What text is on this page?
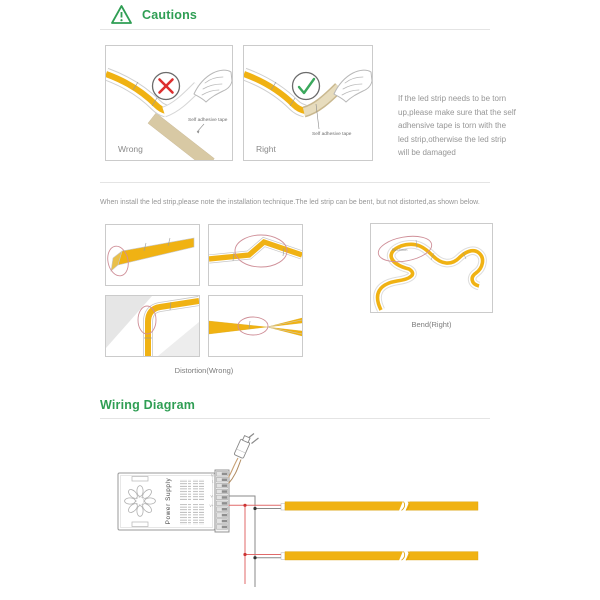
Cautions
Self adhesive tape
Wrong
Self adhesive tape
Right
If the led strip needs to be torn
up,please make sure that the self
adhensive tape is torn with the
led strip,otherwise the led strip
will be damaged
When install the led strip,please note the installation technique.The led strip can be bent, but not distorted,as shown below.
Distortion(Wrong)
R≥10mm
Bend(Right)
Wiring Diagram
Power Supply
N
L
V-
V+
